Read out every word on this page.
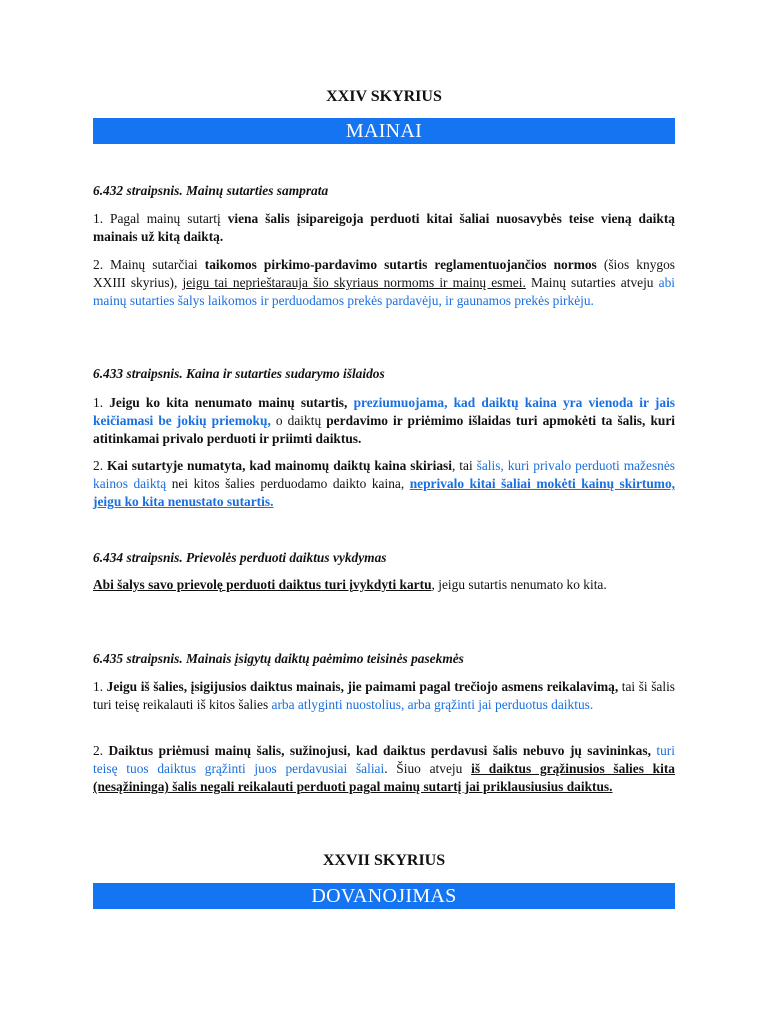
XXIV SKYRIUS
MAINAI

6.432 straipsnis. Mainų sutarties samprata

1. Pagal mainų sutartį viena šalis įsipareigoja perduoti kitai šaliai nuosavybės teise vieną daiktą mainais už kitą daiktą.

2. Mainų sutarčiai taikomos pirkimo-pardavimo sutartis reglamentuojančios normos (šios knygos XXIII skyrius), jeigu tai neprieštarauja šio skyriaus normoms ir mainų esmei. Mainų sutarties atveju abi mainų sutarties šalys laikomos ir perduodamos prekės pardavėju, ir gaunamos prekės pirkėju.

6.433 straipsnis. Kaina ir sutarties sudarymo išlaidos

1. Jeigu ko kita nenumato mainų sutartis, preziumuojama, kad daiktų kaina yra vienoda ir jais keičiamasi be jokių priemokų, o daiktų perdavimo ir priėmimo išlaidas turi apmokėti ta šalis, kuri atitinkamai privalo perduoti ir priimti daiktus.

2. Kai sutartyje numatyta, kad mainomų daiktų kaina skiriasi, tai šalis, kuri privalo perduoti mažesnės kainos daiktą nei kitos šalies perduodamo daikto kaina, neprivalo kitai šaliai mokėti kainų skirtumo, jeigu ko kita nenustato sutartis.

6.434 straipsnis. Prievolės perduoti daiktus vykdymas

Abi šalys savo prievolę perduoti daiktus turi įvykdyti kartu, jeigu sutartis nenumato ko kita.

6.435 straipsnis. Mainais įsigytų daiktų paėmimo teisinės pasekmės

1. Jeigu iš šalies, įsigijusios daiktus mainais, jie paimami pagal trečiojo asmens reikalavimą, tai ši šalis turi teisę reikalauti iš kitos šalies arba atlyginti nuostolius, arba grąžinti jai perduotus daiktus.

2. Daiktus priėmusi mainų šalis, sužinojusi, kad daiktus perdavusi šalis nebuvo jų savininkas, turi teisę tuos daiktus grąžinti juos perdavusiai šaliai. Šiuo atveju iš daiktus grąžinusios šalies kita (nesąžininga) šalis negali reikalauti perduoti pagal mainų sutartį jai priklausiusius daiktus.

XXVII SKYRIUS
DOVANOJIMAS
